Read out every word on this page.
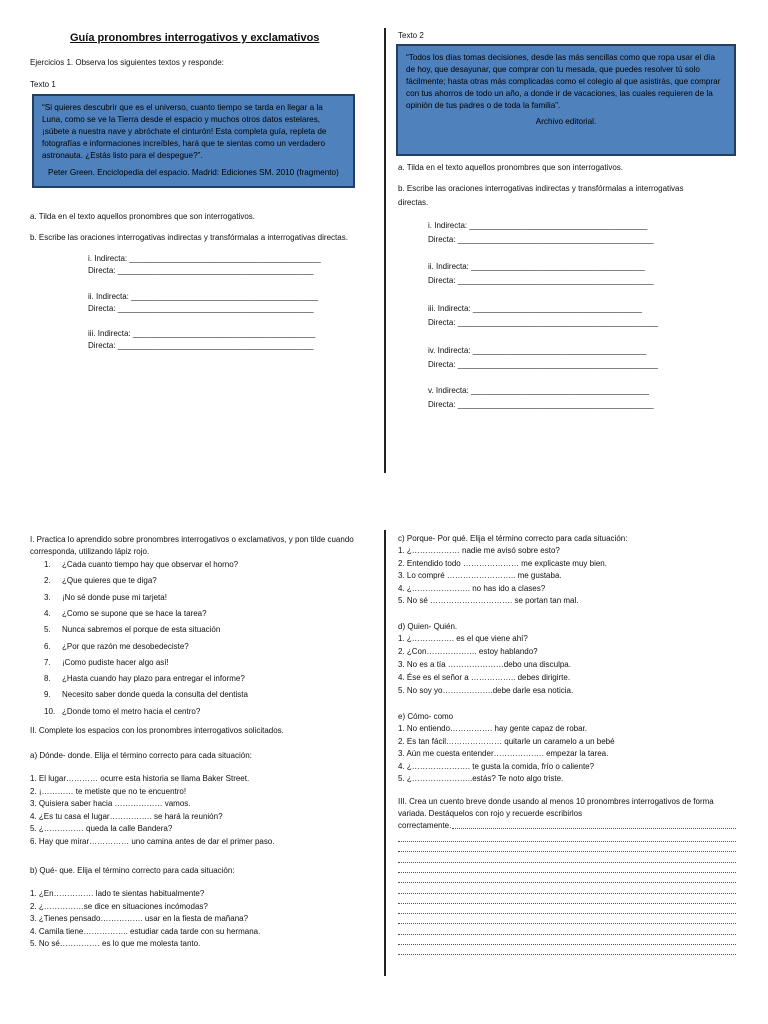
Guía pronombres interrogativos y exclamativos
Ejercicios 1. Observa los siguientes textos y responde:
Texto 1
“Si quieres descubrir que es el universo, cuanto tiempo se tarda en llegar a la Luna, como se ve la Tierra desde el espacio y muchos otros datos estelares, ¡súbete a nuestra nave y abróchate el cinturón! Esta completa guía, repleta de fotografías e informaciones increíbles, hará que te sientas como un verdadero astronauta. ¿Estás listo para el despegue?”.
Peter Green. Enciclopedia del espacio. Madrid: Ediciones SM. 2010 (fragmento)
a. Tilda en el texto aquellos pronombres que son interrogativos.
b. Escribe las oraciones interrogativas indirectas y transfórmalas a interrogativas directas.
i. Indirecta: ___________________________________________
Directa: ____________________________________________
ii. Indirecta: __________________________________________
Directa: ____________________________________________
iii. Indirecta: _________________________________________
Directa: ____________________________________________
Texto 2
“Todos los días tomas decisiones, desde las más sencillas como que ropa usar el día de hoy, que desayunar, que comprar con tu mesada, que puedes resolver tú solo fácilmente; hasta otras más complicadas como el colegio al que asistirás, que comprar con tus ahorros de todo un año, a donde ir de vacaciones, las cuales requieren de la opinión de tus padres o de toda la familia”.
Archivo editorial.
a. Tilda en el texto aquellos pronombres que son interrogativos.
b. Escribe las oraciones interrogativas indirectas y transfórmalas a interrogativas
directas.
i. Indirecta: ________________________________________
Directa: ____________________________________________
ii. Indirecta: _______________________________________
Directa: ____________________________________________
iii. Indirecta: ______________________________________
Directa: _____________________________________________
iv. Indirecta: _______________________________________
Directa: _____________________________________________
v. Indirecta: ________________________________________
Directa: ____________________________________________
I. Practica lo aprendido sobre pronombres interrogativos o exclamativos, y pon tilde cuando
corresponda, utilizando lápiz rojo.
1. ¿Cada cuanto tiempo hay que observar el horno?
2. ¿Que quieres que te diga?
3. ¡No sé donde puse mi tarjeta!
4. ¿Como se supone que se hace la tarea?
5. Nunca sabremos el porque de esta situación
6. ¿Por que razón me desobedeciste?
7. ¡Como pudiste hacer algo así!
8. ¿Hasta cuando hay plazo para entregar el informe?
9. Necesito saber donde queda la consulta del dentista
10. ¿Donde tomo el metro hacia el centro?
II. Complete los espacios con los pronombres interrogativos solicitados.
a) Dónde- donde. Elija el término correcto para cada situación:
1. El lugar………… ocurre esta historia se llama Baker Street.
2. ¡………… te metiste que no te encuentro!
3. Quisiera saber hacia ……………… vamos.
4. ¿Es tu casa el lugar……………. se hará la reunión?
5. ¿…………… queda la calle Bandera?
6. Hay que mirar…………… uno camina antes de dar el primer paso.
b) Qué- que. Elija el término correcto para cada situación:
1. ¿En…………… lado te sientas habitualmente?
2. ¿……………se dice en situaciones incómodas?
3. ¿Tienes pensado……………. usar en la fiesta de mañana?
4. Camila tiene…………….. estudiar cada tarde con su hermana.
5. No sé…………… es lo que me molesta tanto.
c) Porque- Por qué. Elija el término correcto para cada situación:
1. ¿……………… nadie me avisó sobre esto?
2. Entendido todo ………………… me explicaste muy bien.
3. Lo compré …………………….. me gustaba.
4. ¿…………………. no has ido a clases?
5. No sé …………………………. se portan tan mal.
d) Quien- Quién.
1. ¿……………. es el que viene ahí?
2. ¿Con………………. estoy hablando?
3. No es a tía …………………debo una disculpa.
4. Ése es el señor a …………….. debes dirigirte.
5. No soy yo……………….debe darle esa noticia.
e) Cómo- como
1. No entiendo……………. hay gente capaz de robar.
2. Es tan fácil………………… quitarle un caramelo a un bebé
3. Aún me cuesta entender………………. empezar la tarea.
4. ¿…………………. te gusta la comida, frío o caliente?
5. ¿…………………..estás? Te noto algo triste.
III. Crea un cuento breve donde usando al menos 10 pronombres interrogativos de forma
variada. Destáquelos con rojo y recuerde escribirlos
correctamente.
